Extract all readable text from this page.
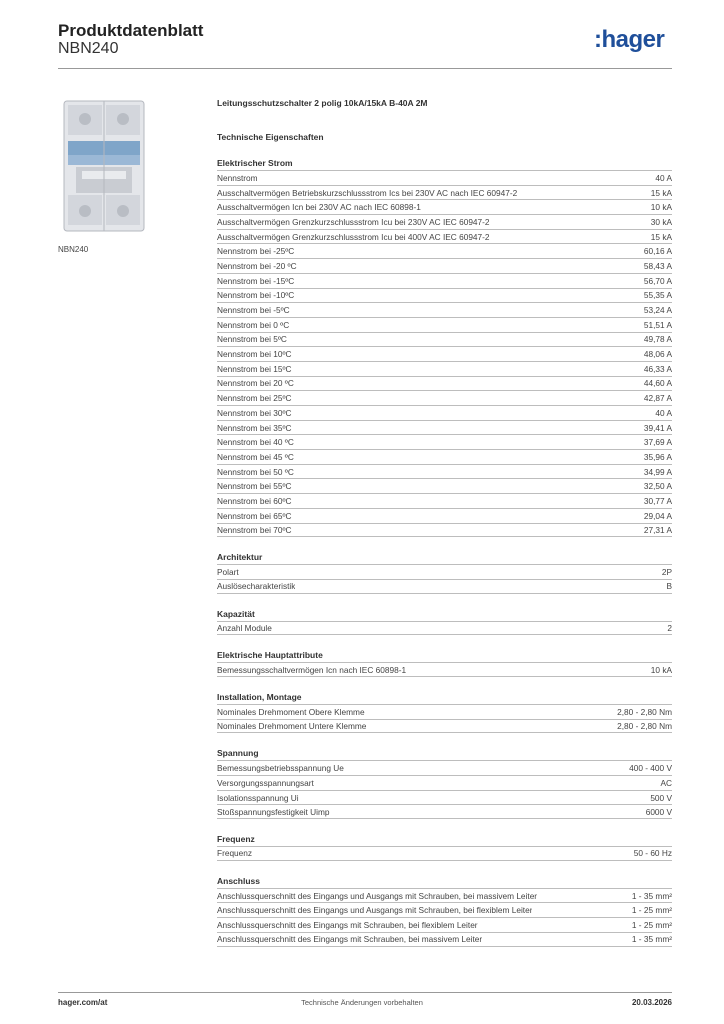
Produktdatenblatt
NBN240	:hager
NBN240
Leitungsschutzschalter 2 polig 10kA/15kA B-40A 2M
Technische Eigenschaften
Elektrischer Strom
Nennstrom	40 A
Ausschaltvermögen Betriebskurzschlussstrom Ics bei 230V AC nach IEC 60947-2	15 kA
Ausschaltvermögen Icn bei 230V AC nach IEC 60898-1	10 kA
Ausschaltvermögen Grenzkurzschlussstrom Icu bei 230V AC IEC 60947-2	30 kA
Ausschaltvermögen Grenzkurzschlussstrom Icu bei 400V AC IEC 60947-2	15 kA
Nennstrom bei -25ºC	60,16 A
Nennstrom bei -20 ºC	58,43 A
Nennstrom bei -15ºC	56,70 A
Nennstrom bei -10ºC	55,35 A
Nennstrom bei -5ºC	53,24 A
Nennstrom bei 0 ºC	51,51 A
Nennstrom bei 5ºC	49,78 A
Nennstrom bei 10ºC	48,06 A
Nennstrom bei 15ºC	46,33 A
Nennstrom bei 20 ºC	44,60 A
Nennstrom bei 25ºC	42,87 A
Nennstrom bei 30ºC	40 A
Nennstrom bei 35ºC	39,41 A
Nennstrom bei 40 ºC	37,69 A
Nennstrom bei 45 ºC	35,96 A
Nennstrom bei 50 ºC	34,99 A
Nennstrom bei 55ºC	32,50 A
Nennstrom bei 60ºC	30,77 A
Nennstrom bei 65ºC	29,04 A
Nennstrom bei 70ºC	27,31 A
Architektur
Polart	2P
Auslösecharakteristik	B
Kapazität
Anzahl Module	2
Elektrische Hauptattribute
Bemessungsschaltvermögen Icn nach IEC 60898-1	10 kA
Installation, Montage
Nominales Drehmoment Obere Klemme	2,80 - 2,80 Nm
Nominales Drehmoment Untere Klemme	2,80 - 2,80 Nm
Spannung
Bemessungsbetriebsspannung Ue	400 - 400 V
Versorgungsspannungsart	AC
Isolationsspannung Ui	500 V
Stoßspannungsfestigkeit Uimp	6000 V
Frequenz
Frequenz	50 - 60 Hz
Anschluss
Anschlussquerschnitt des Eingangs und Ausgangs mit Schrauben, bei massivem Leiter	1 - 35 mm²
Anschlussquerschnitt des Eingangs und Ausgangs mit Schrauben, bei flexiblem Leiter	1 - 25 mm²
Anschlussquerschnitt des Eingangs mit Schrauben, bei flexiblem Leiter	1 - 25 mm²
Anschlussquerschnitt des Eingangs mit Schrauben, bei massivem Leiter	1 - 35 mm²
hager.com/at	Technische Änderungen vorbehalten	20.03.2026
